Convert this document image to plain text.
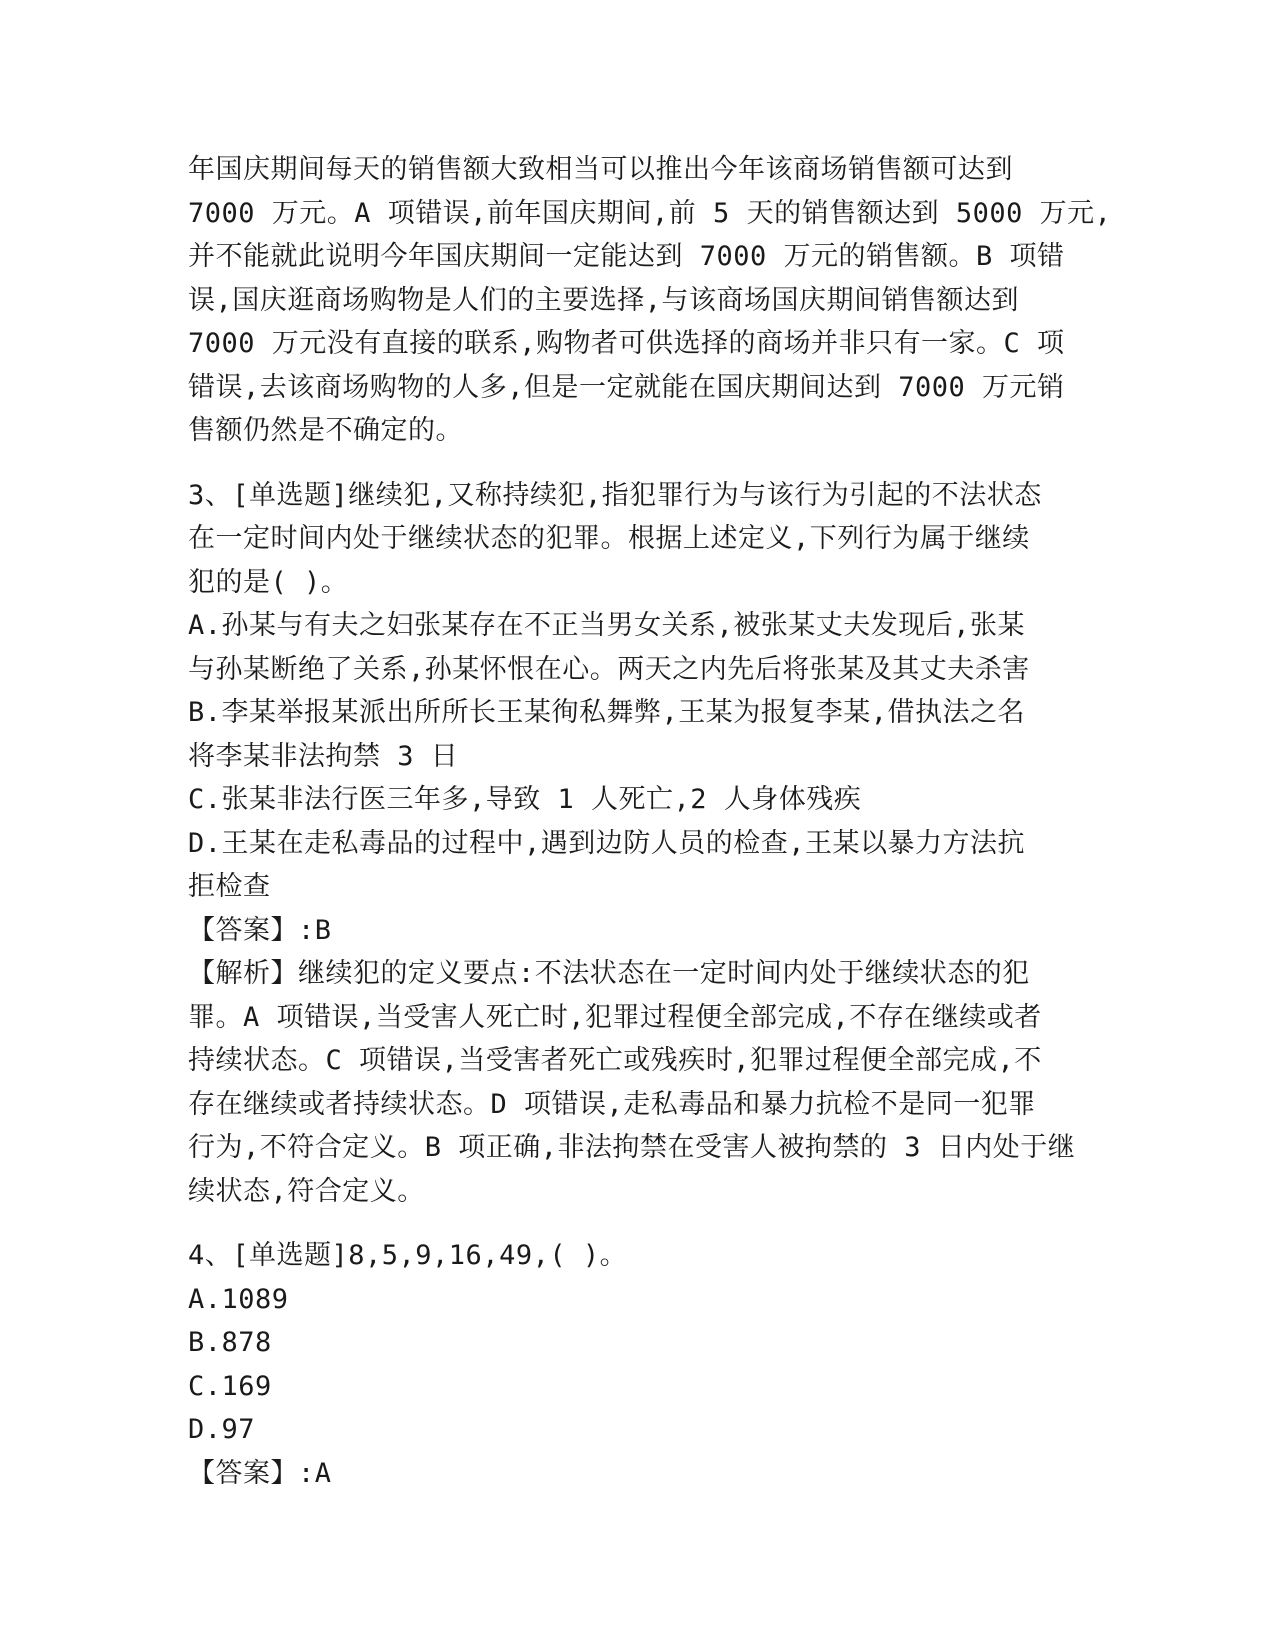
年国庆期间每天的销售额大致相当可以推出今年该商场销售额可达到
7000 万元。A 项错误,前年国庆期间,前 5 天的销售额达到 5000 万元,
并不能就此说明今年国庆期间一定能达到 7000 万元的销售额。B 项错
误,国庆逛商场购物是人们的主要选择,与该商场国庆期间销售额达到
7000 万元没有直接的联系,购物者可供选择的商场并非只有一家。C 项
错误,去该商场购物的人多,但是一定就能在国庆期间达到 7000 万元销
售额仍然是不确定的。
3、[单选题]继续犯,又称持续犯,指犯罪行为与该行为引起的不法状态
在一定时间内处于继续状态的犯罪。根据上述定义,下列行为属于继续
犯的是( )。
A.孙某与有夫之妇张某存在不正当男女关系,被张某丈夫发现后,张某
与孙某断绝了关系,孙某怀恨在心。两天之内先后将张某及其丈夫杀害
B.李某举报某派出所所长王某徇私舞弊,王某为报复李某,借执法之名
将李某非法拘禁 3 日
C.张某非法行医三年多,导致 1 人死亡,2 人身体残疾
D.王某在走私毒品的过程中,遇到边防人员的检查,王某以暴力方法抗
拒检查
【答案】:B
【解析】继续犯的定义要点:不法状态在一定时间内处于继续状态的犯
罪。A 项错误,当受害人死亡时,犯罪过程便全部完成,不存在继续或者
持续状态。C 项错误,当受害者死亡或残疾时,犯罪过程便全部完成,不
存在继续或者持续状态。D 项错误,走私毒品和暴力抗检不是同一犯罪
行为,不符合定义。B 项正确,非法拘禁在受害人被拘禁的 3 日内处于继
续状态,符合定义。
4、[单选题]8,5,9,16,49,( )。
A.1089
B.878
C.169
D.97
【答案】:A
